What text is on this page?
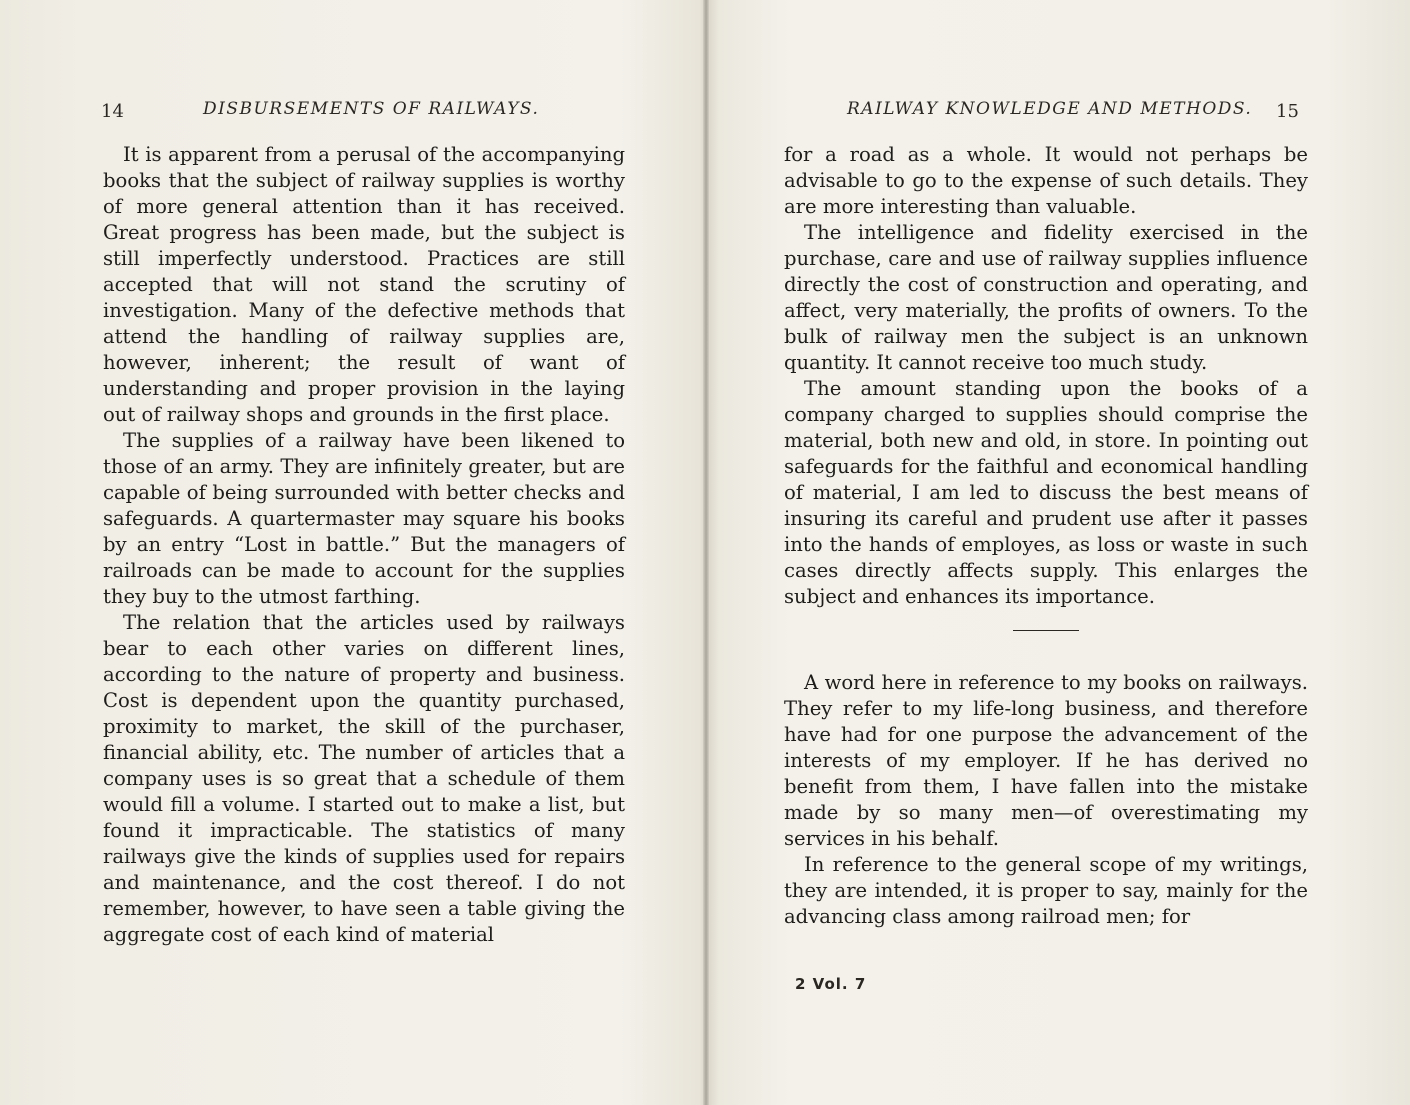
14	DISBURSEMENTS OF RAILWAYS.

It is apparent from a perusal of the accompanying books that the subject of railway supplies is worthy of more general attention than it has received. Great progress has been made, but the subject is still imperfectly understood. Practices are still accepted that will not stand the scrutiny of investigation. Many of the defective methods that attend the handling of railway supplies are, however, inherent; the result of want of understanding and proper provision in the laying out of railway shops and grounds in the first place.

The supplies of a railway have been likened to those of an army. They are infinitely greater, but are capable of being surrounded with better checks and safeguards. A quartermaster may square his books by an entry “Lost in battle.” But the managers of railroads can be made to account for the supplies they buy to the utmost farthing.

The relation that the articles used by railways bear to each other varies on different lines, according to the nature of property and business. Cost is dependent upon the quantity purchased, proximity to market, the skill of the purchaser, financial ability, etc. The number of articles that a company uses is so great that a schedule of them would fill a volume. I started out to make a list, but found it impracticable. The statistics of many railways give the kinds of supplies used for repairs and maintenance, and the cost thereof. I do not remember, however, to have seen a table giving the aggregate cost of each kind of material

RAILWAY KNOWLEDGE AND METHODS. 15

for a road as a whole. It would not perhaps be advisable to go to the expense of such details. They are more interesting than valuable.

The intelligence and fidelity exercised in the purchase, care and use of railway supplies influence directly the cost of construction and operating, and affect, very materially, the profits of owners. To the bulk of railway men the subject is an unknown quantity. It cannot receive too much study.

The amount standing upon the books of a company charged to supplies should comprise the material, both new and old, in store. In pointing out safeguards for the faithful and economical handling of material, I am led to discuss the best means of insuring its careful and prudent use after it passes into the hands of employes, as loss or waste in such cases directly affects supply. This enlarges the subject and enhances its importance.

A word here in reference to my books on railways. They refer to my life-long business, and therefore have had for one purpose the advancement of the interests of my employer. If he has derived no benefit from them, I have fallen into the mistake made by so many men—of overestimating my services in his behalf.

In reference to the general scope of my writings, they are intended, it is proper to say, mainly for the advancing class among railroad men; for

2 Vol. 7
